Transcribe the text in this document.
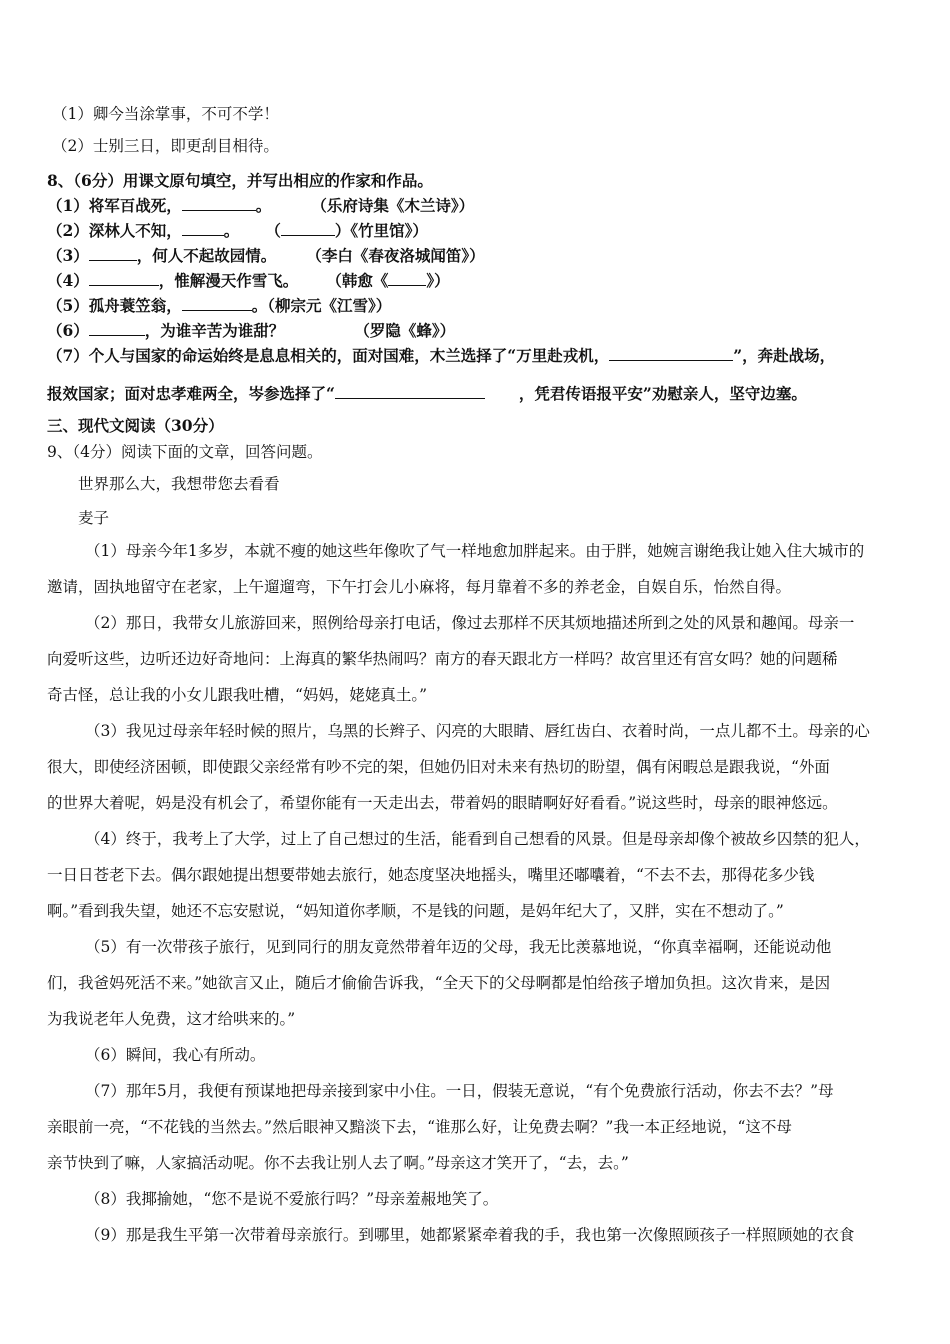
（1）卿今当涂掌事，不可不学！
（2）士别三日，即更刮目相待。
8、（6分）用课文原句填空，并写出相应的作家和作品。
（1）将军百战死，	。	（乐府诗集《木兰诗》）
（2）深林人不知，	。 （	）《竹里馆》）
（3）	，何人不起故园情。 （李白《春夜洛城闻笛》）
（4）	，惟解漫天作雪飞。 （韩愈《 》）
（5）孤舟蓑笠翁，	。（柳宗元《江雪》）
（6）	，为谁辛苦为谁甜？	（罗隐《蜂》）
（7）个人与国家的命运始终是息息相关的，面对国难，木兰选择了“万里赴戎机，	”，奔赴战场，
报效国家；面对忠孝难两全，岑参选择了“	，凭君传语报平安”劝慰亲人，坚守边塞。
三、现代文阅读（30分）
9、（4分）阅读下面的文章，回答问题。
世界那么大，我想带您去看看
麦子
（1）母亲今年1多岁，本就不瘦的她这些年像吹了气一样地愈加胖起来。由于胖，她婉言谢绝我让她入住大城市的
邀请，固执地留守在老家，上午遛遛弯，下午打会儿小麻将，每月靠着不多的养老金，自娱自乐，怡然自得。
（2）那日，我带女儿旅游回来，照例给母亲打电话，像过去那样不厌其烦地描述所到之处的风景和趣闻。母亲一
向爱听这些，边听还边好奇地问：上海真的繁华热闹吗？南方的春天跟北方一样吗？故宫里还有宫女吗？她的问题稀
奇古怪，总让我的小女儿跟我吐槽，“妈妈，姥姥真土。”
（3）我见过母亲年轻时候的照片，乌黑的长辫子、闪亮的大眼睛、唇红齿白、衣着时尚，一点儿都不土。母亲的心
很大，即使经济困顿，即使跟父亲经常有吵不完的架，但她仍旧对未来有热切的盼望，偶有闲暇总是跟我说，“外面
的世界大着呢，妈是没有机会了，希望你能有一天走出去，带着妈的眼睛啊好好看看。”说这些时，母亲的眼神悠远。
（4）终于，我考上了大学，过上了自己想过的生活，能看到自己想看的风景。但是母亲却像个被故乡囚禁的犯人，
一日日苍老下去。偶尔跟她提出想要带她去旅行，她态度坚决地摇头，嘴里还嘟囔着，“不去不去，那得花多少钱
啊。”看到我失望，她还不忘安慰说，“妈知道你孝顺，不是钱的问题，是妈年纪大了，又胖，实在不想动了。”
（5）有一次带孩子旅行，见到同行的朋友竟然带着年迈的父母，我无比羡慕地说，“你真幸福啊，还能说动他
们，我爸妈死活不来。”她欲言又止，随后才偷偷告诉我，“全天下的父母啊都是怕给孩子增加负担。这次肯来，是因
为我说老年人免费，这才给哄来的。”
（6）瞬间，我心有所动。
（7）那年5月，我便有预谋地把母亲接到家中小住。一日，假装无意说，“有个免费旅行活动，你去不去？”母
亲眼前一亮，“不花钱的当然去。”然后眼神又黯淡下去，“谁那么好，让免费去啊？”我一本正经地说，“这不母
亲节快到了嘛，人家搞活动呢。你不去我让别人去了啊。”母亲这才笑开了，“去，去。”
（8）我揶揄她，“您不是说不爱旅行吗？”母亲羞赧地笑了。
（9）那是我生平第一次带着母亲旅行。到哪里，她都紧紧牵着我的手，我也第一次像照顾孩子一样照顾她的衣食
